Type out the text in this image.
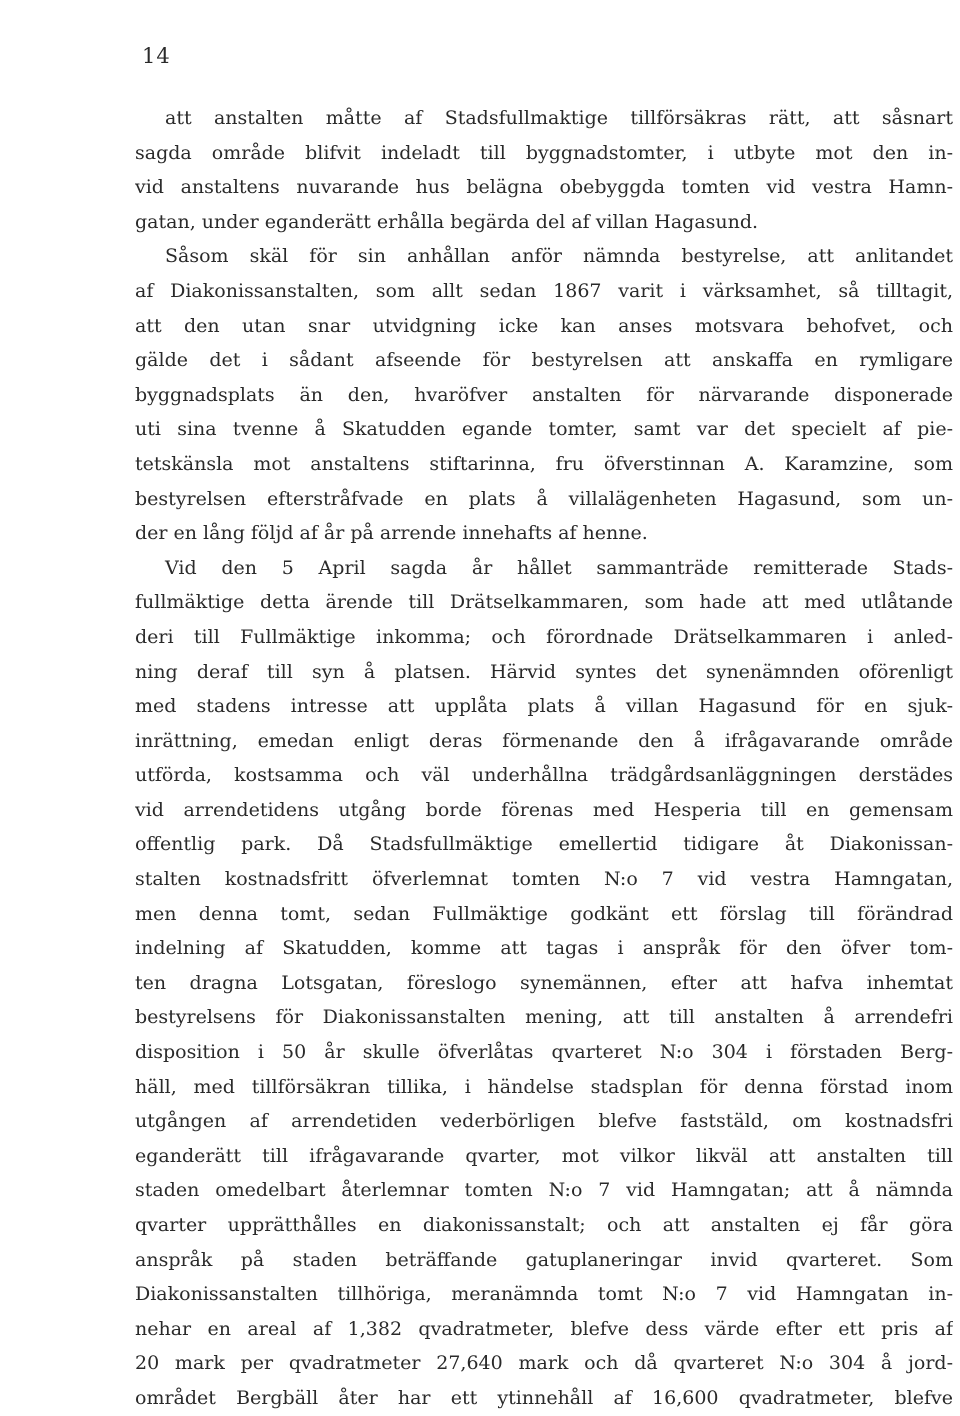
14
att anstalten måtte af Stadsfullmaktige tillförsäkras rätt, att såsnart
sagda område blifvit indeladt till byggnadstomter, i utbyte mot den in-
vid anstaltens nuvarande hus belägna obebyggda tomten vid vestra Hamn-
gatan, under eganderätt erhålla begärda del af villan Hagasund.
Såsom skäl för sin anhållan anför nämnda bestyrelse, att anlitandet
af Diakonissanstalten, som allt sedan 1867 varit i värksamhet, så tilltagit,
att den utan snar utvidgning icke kan anses motsvara behofvet, och
gälde det i sådant afseende för bestyrelsen att anskaffa en rymligare
byggnadsplats än den, hvaröfver anstalten för närvarande disponerade
uti sina tvenne å Skatudden egande tomter, samt var det specielt af pie-
tetskänsla mot anstaltens stiftarinna, fru öfverstinnan A. Karamzine, som
bestyrelsen efterstråfvade en plats å villalägenheten Hagasund, som un-
der en lång följd af år på arrende innehafts af henne.
Vid den 5 April sagda år hållet sammanträde remitterade Stads-
fullmäktige detta ärende till Drätselkammaren, som hade att med utlåtande
deri till Fullmäktige inkomma; och förordnade Drätselkammaren i anled-
ning deraf till syn å platsen. Härvid syntes det synenämnden oförenligt
med stadens intresse att upplåta plats å villan Hagasund för en sjuk-
inrättning, emedan enligt deras förmenande den å ifrågavarande område
utförda, kostsamma och väl underhållna trädgårdsanläggningen derstädes
vid arrendetidens utgång borde förenas med Hesperia till en gemensam
offentlig park. Då Stadsfullmäktige emellertid tidigare åt Diakonissan-
stalten kostnadsfritt öfverlemnat tomten N:o 7 vid vestra Hamngatan,
men denna tomt, sedan Fullmäktige godkänt ett förslag till förändrad
indelning af Skatudden, komme att tagas i anspråk för den öfver tom-
ten dragna Lotsgatan, föreslogo synemännen, efter att hafva inhemtat
bestyrelsens för Diakonissanstalten mening, att till anstalten å arrendefri
disposition i 50 år skulle öfverlåtas qvarteret N:o 304 i förstaden Berg-
häll, med tillförsäkran tillika, i händelse stadsplan för denna förstad inom
utgången af arrendetiden vederbörligen blefve faststäld, om kostnadsfri
eganderätt till ifrågavarande qvarter, mot vilkor likväl att anstalten till
staden omedelbart återlemnar tomten N:o 7 vid Hamngatan; att å nämnda
qvarter upprätthålles en diakonissanstalt; och att anstalten ej får göra
anspråk på staden beträffande gatuplaneringar invid qvarteret. Som
Diakonissanstalten tillhöriga, meranämnda tomt N:o 7 vid Hamngatan in-
nehar en areal af 1,382 qvadratmeter, blefve dess värde efter ett pris af
20 mark per qvadratmeter 27,640 mark och då qvarteret N:o 304 å jord-
området Bergbäll åter har ett ytinnehåll af 16,600 qvadratmeter, blefve
